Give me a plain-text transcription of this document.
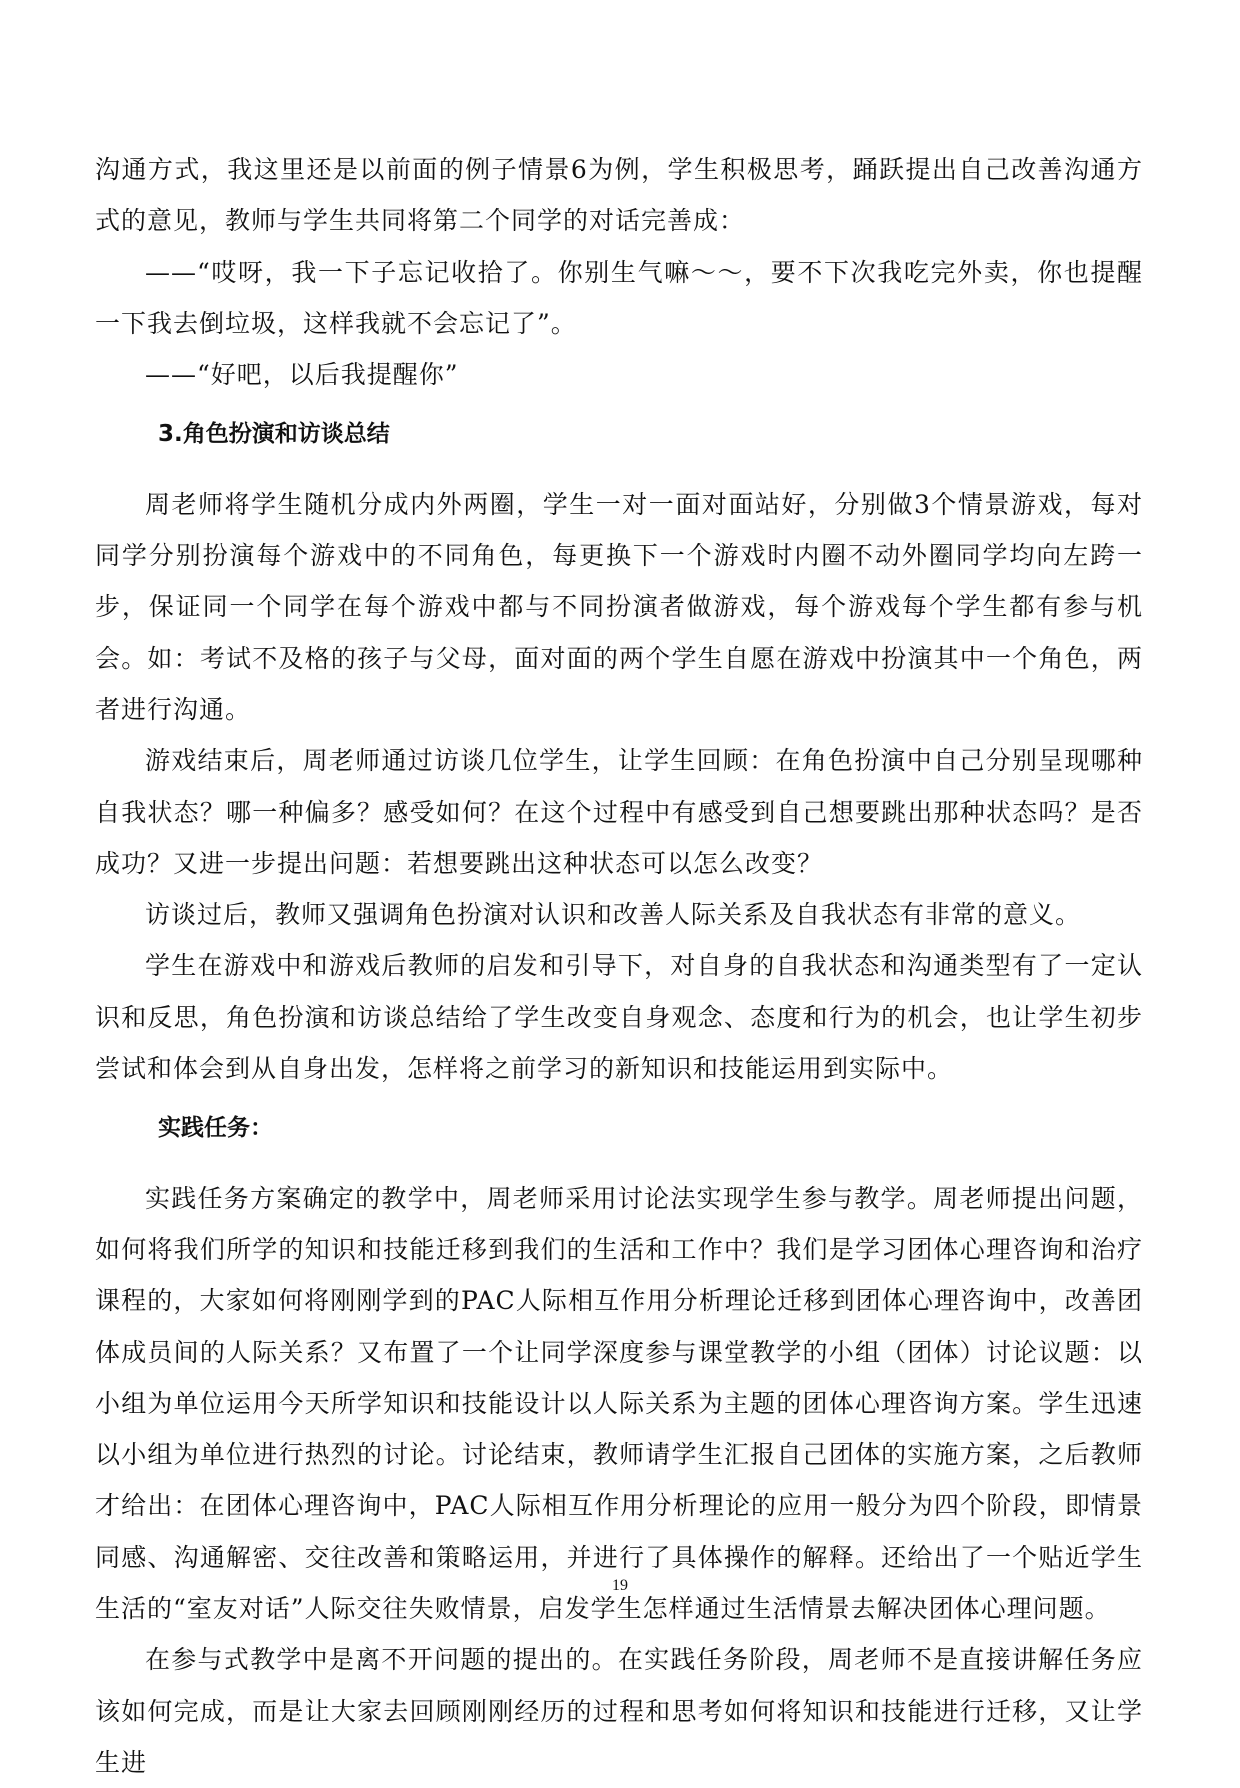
沟通方式，我这里还是以前面的例子情景6为例，学生积极思考，踊跃提出自己改善沟通方式的意见，教师与学生共同将第二个同学的对话完善成：

——“哎呀，我一下子忘记收拾了。你别生气嘛～～，要不下次我吃完外卖，你也提醒一下我去倒垃圾，这样我就不会忘记了”。

——“好吧，以后我提醒你”

3.角色扮演和访谈总结

周老师将学生随机分成内外两圈，学生一对一面对面站好，分别做3个情景游戏，每对同学分别扮演每个游戏中的不同角色，每更换下一个游戏时内圈不动外圈同学均向左跨一步，保证同一个同学在每个游戏中都与不同扮演者做游戏，每个游戏每个学生都有参与机会。如：考试不及格的孩子与父母，面对面的两个学生自愿在游戏中扮演其中一个角色，两者进行沟通。

游戏结束后，周老师通过访谈几位学生，让学生回顾：在角色扮演中自己分别呈现哪种自我状态？哪一种偏多？感受如何？在这个过程中有感受到自己想要跳出那种状态吗？是否成功？又进一步提出问题：若想要跳出这种状态可以怎么改变？

访谈过后，教师又强调角色扮演对认识和改善人际关系及自我状态有非常的意义。

学生在游戏中和游戏后教师的启发和引导下，对自身的自我状态和沟通类型有了一定认识和反思，角色扮演和访谈总结给了学生改变自身观念、态度和行为的机会，也让学生初步尝试和体会到从自身出发，怎样将之前学习的新知识和技能运用到实际中。

实践任务：

实践任务方案确定的教学中，周老师采用讨论法实现学生参与教学。周老师提出问题，如何将我们所学的知识和技能迁移到我们的生活和工作中？我们是学习团体心理咨询和治疗课程的，大家如何将刚刚学到的PAC人际相互作用分析理论迁移到团体心理咨询中，改善团体成员间的人际关系？又布置了一个让同学深度参与课堂教学的小组（团体）讨论议题：以小组为单位运用今天所学知识和技能设计以人际关系为主题的团体心理咨询方案。学生迅速以小组为单位进行热烈的讨论。讨论结束，教师请学生汇报自己团体的实施方案，之后教师才给出：在团体心理咨询中，PAC人际相互作用分析理论的应用一般分为四个阶段，即情景同感、沟通解密、交往改善和策略运用，并进行了具体操作的解释。还给出了一个贴近学生生活的“室友对话”人际交往失败情景，启发学生怎样通过生活情景去解决团体心理问题。

在参与式教学中是离不开问题的提出的。在实践任务阶段，周老师不是直接讲解任务应该如何完成，而是让大家去回顾刚刚经历的过程和思考如何将知识和技能进行迁移，又让学生进

19
